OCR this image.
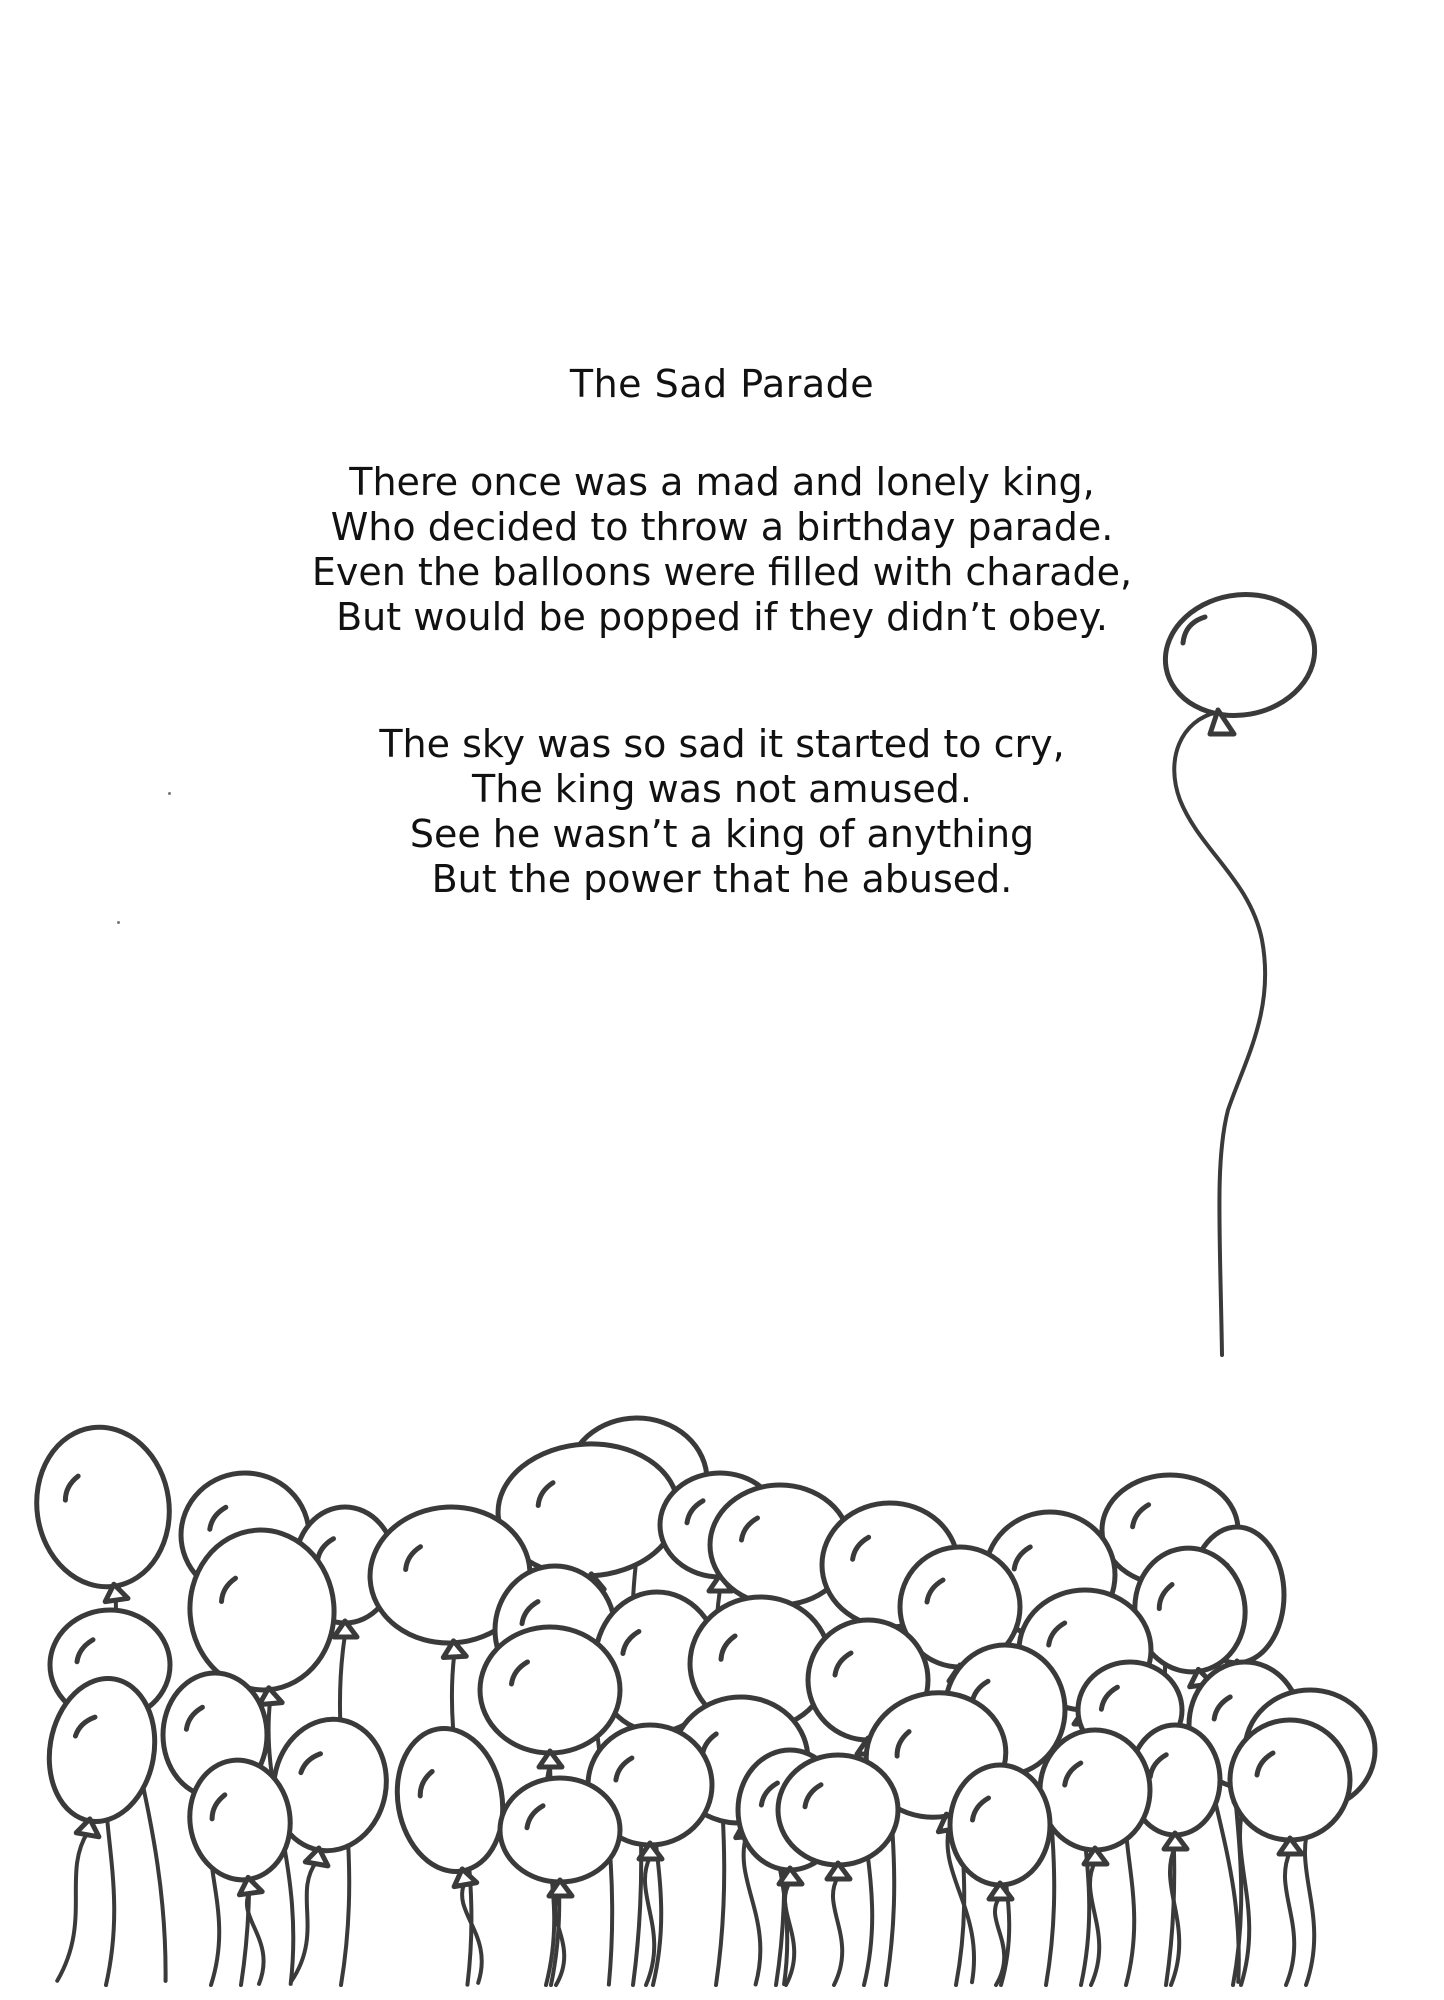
The Sad Parade
There once was a mad and lonely king,
Who decided to throw a birthday parade.
Even the balloons were filled with charade,
But would be popped if they didn’t obey.
The sky was so sad it started to cry,
The king was not amused.
See he wasn’t a king of anything
But the power that he abused.
